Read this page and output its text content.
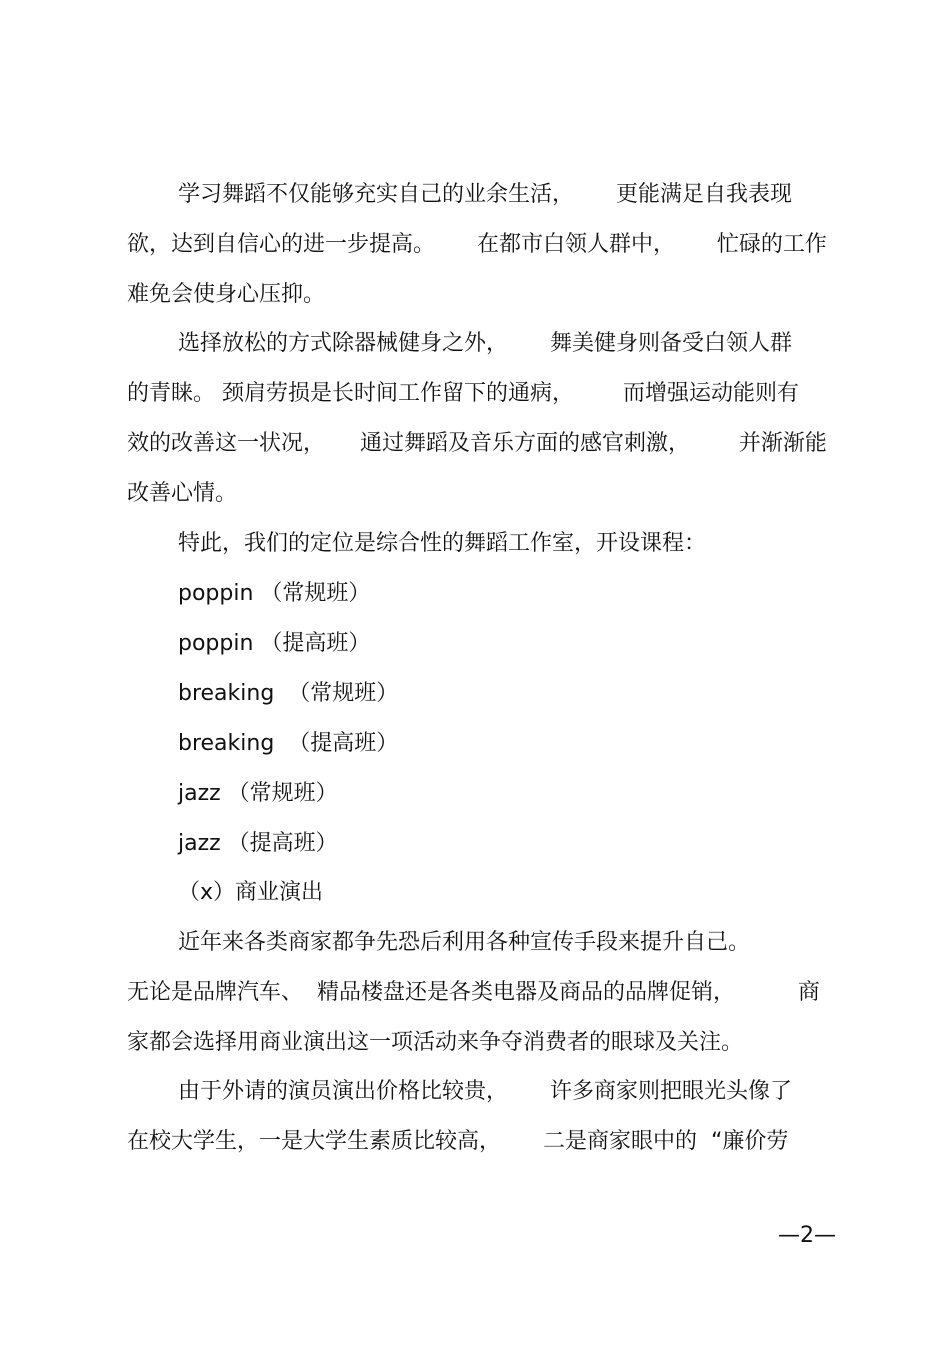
学习舞蹈不仅能够充实自己的业余生活，      更能满足自我表现
欲，达到自信心的进一步提高。      在都市白领人群中，      忙碌的工作
难免会使身心压抑。
选择放松的方式除器械健身之外，      舞美健身则备受白领人群
的青睐。 颈肩劳损是长时间工作留下的通病，       而增强运动能则有
效的改善这一状况，     通过舞蹈及音乐方面的感官刺激，       并渐渐能
改善心情。
特此，我们的定位是综合性的舞蹈工作室，开设课程：
poppin （常规班）
poppin （提高班）
breaking  （常规班）
breaking  （提高班）
jazz （常规班）
jazz （提高班）
（x）商业演出
近年来各类商家都争先恐后利用各种宣传手段来提升自己。
无论是品牌汽车、  精品楼盘还是各类电器及商品的品牌促销，         商
家都会选择用商业演出这一项活动来争夺消费者的眼球及关注。
由于外请的演员演出价格比较贵，      许多商家则把眼光头像了
在校大学生，一是大学生素质比较高，      二是商家眼中的  “廉价劳
—2—
